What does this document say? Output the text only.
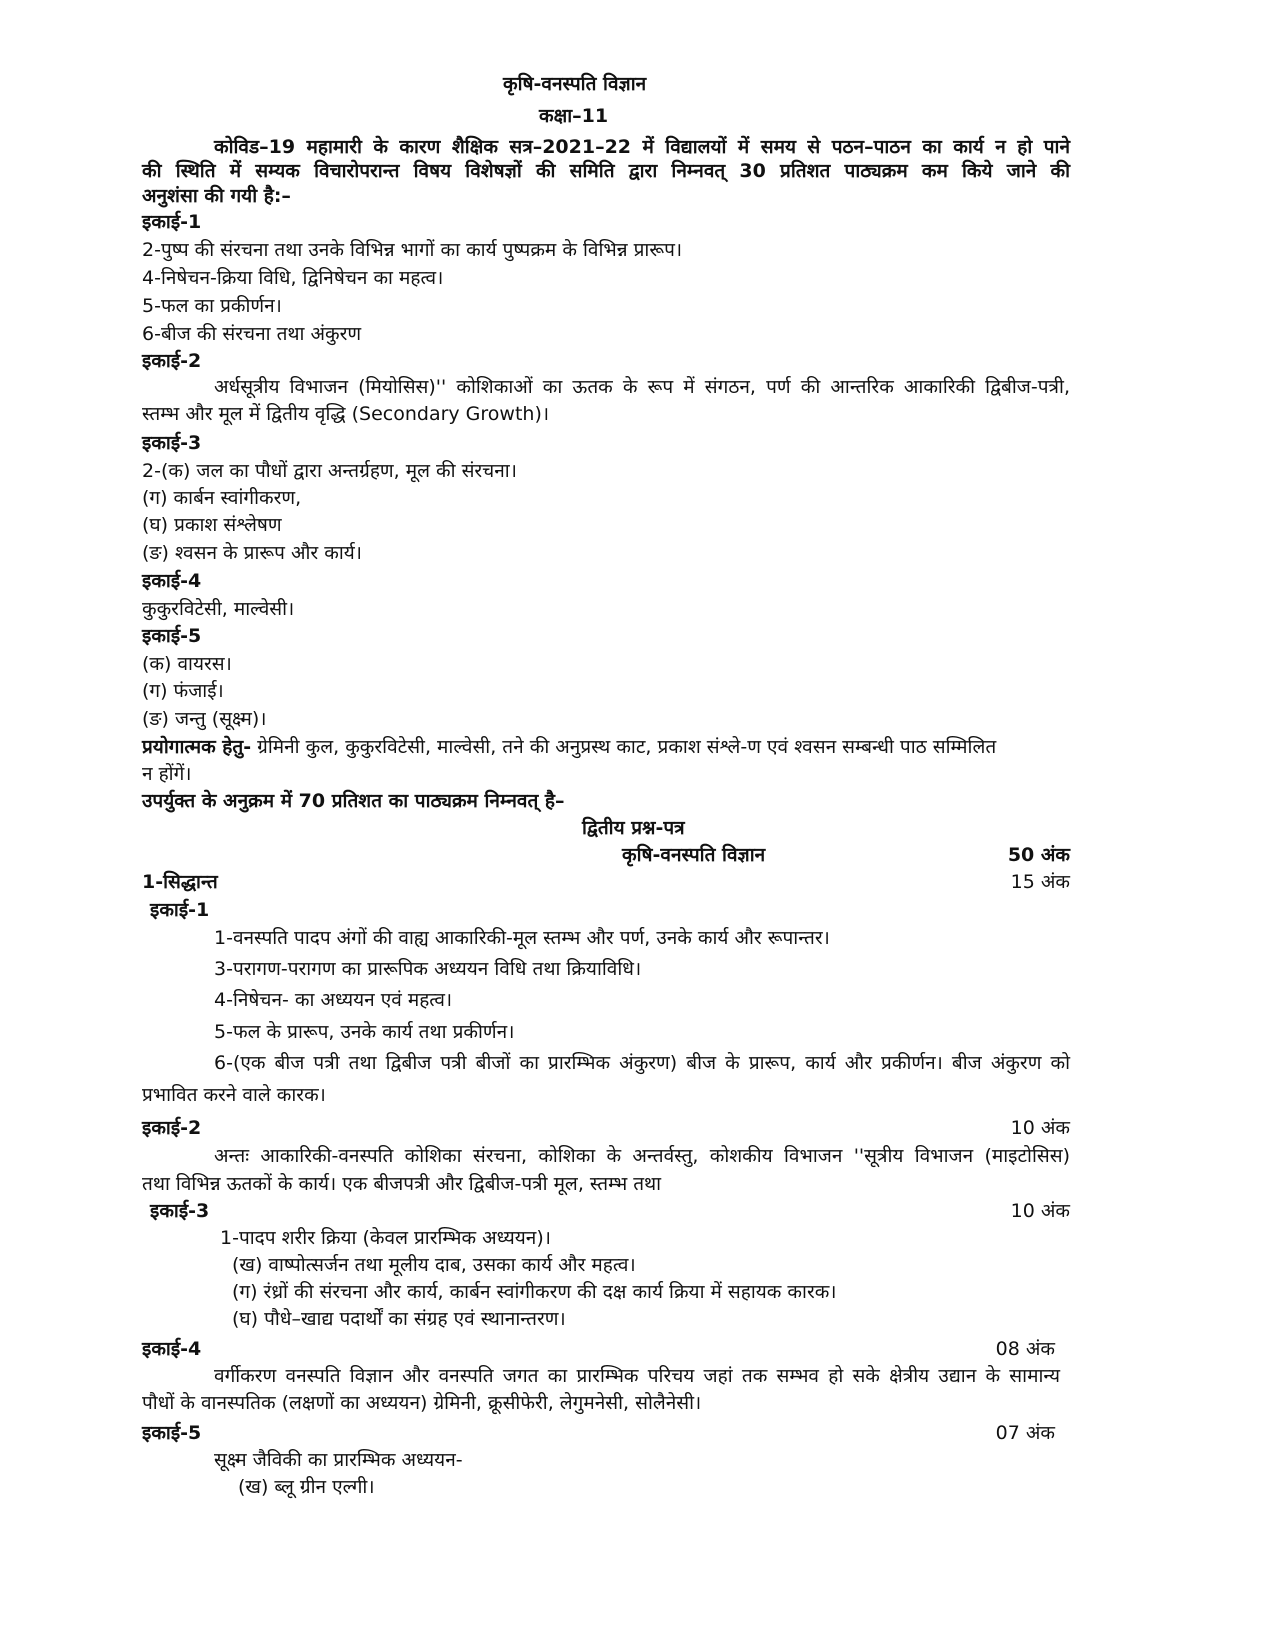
कृषि-वनस्पति विज्ञान
कक्षा–11
कोविड–19 महामारी के कारण शैक्षिक सत्र–2021–22 में विद्यालयों में समय से पठन–पाठन का कार्य न हो पाने
की स्थिति में सम्यक विचारोपरान्त विषय विशेषज्ञों की समिति द्वारा निम्नवत् 30 प्रतिशत पाठ्यक्रम कम किये जाने की
अनुशंसा की गयी है:–
इकाई-1
2-पुष्प की संरचना तथा उनके विभिन्न भागों का कार्य पुष्पक्रम के विभिन्न प्रारूप।
4-निषेचन-क्रिया विधि, द्विनिषेचन का महत्व।
5-फल का प्रकीर्णन।
6-बीज की संरचना तथा अंकुरण
इकाई-2
अर्धसूत्रीय विभाजन (मियोसिस)'' कोशिकाओं का ऊतक के रूप में संगठन, पर्ण की आन्तरिक आकारिकी द्विबीज-पत्री,
स्तम्भ और मूल में द्वितीय वृद्धि (Secondary Growth)।
इकाई-3
2-(क) जल का पौधों द्वारा अन्तर्ग्रहण, मूल की संरचना।
(ग) कार्बन स्वांगीकरण,
(घ) प्रकाश संश्लेषण
(ङ) श्वसन के प्रारूप और कार्य।
इकाई-4
कुकुरविटेसी, माल्वेसी।
इकाई-5
(क) वायरस।
(ग) फंजाई।
(ङ) जन्तु (सूक्ष्म)।
प्रयोगात्मक हेतु- ग्रेमिनी कुल, कुकुरविटेसी, माल्वेसी, तने की अनुप्रस्थ काट, प्रकाश संश्ले-ण एवं श्वसन सम्बन्धी पाठ सम्मिलित
न होंगें।
उपर्युक्त के अनुक्रम में 70 प्रतिशत का पाठ्यक्रम निम्नवत् है–
द्वितीय प्रश्न-पत्र
कृषि-वनस्पति विज्ञान	50 अंक
1-सिद्धान्त	15 अंक
इकाई-1
1-वनस्पति पादप अंगों की वाह्य आकारिकी-मूल स्तम्भ और पर्ण, उनके कार्य और रूपान्तर।
3-परागण-परागण का प्रारूपिक अध्ययन विधि तथा क्रियाविधि।
4-निषेचन- का अध्ययन एवं महत्व।
5-फल के प्रारूप, उनके कार्य तथा प्रकीर्णन।
6-(एक बीज पत्री तथा द्विबीज पत्री बीजों का प्रारम्भिक अंकुरण) बीज के प्रारूप, कार्य और प्रकीर्णन। बीज अंकुरण को
प्रभावित करने वाले कारक।
इकाई-2	10 अंक
अन्तः आकारिकी-वनस्पति कोशिका संरचना, कोशिका के अन्तर्वस्तु, कोशकीय विभाजन ''सूत्रीय विभाजन (माइटोसिस)
तथा विभिन्न ऊतकों के कार्य। एक बीजपत्री और द्विबीज-पत्री मूल, स्तम्भ तथा
इकाई-3	10 अंक
1-पादप शरीर क्रिया (केवल प्रारम्भिक अध्ययन)।
(ख) वाष्पोत्सर्जन तथा मूलीय दाब, उसका कार्य और महत्व।
(ग) रंध्रों की संरचना और कार्य, कार्बन स्वांगीकरण की दक्ष कार्य क्रिया में सहायक कारक।
(घ) पौधे–खाद्य पदार्थों का संग्रह एवं स्थानान्तरण।
इकाई-4	08 अंक
वर्गीकरण वनस्पति विज्ञान और वनस्पति जगत का प्रारम्भिक परिचय जहां तक सम्भव हो सके क्षेत्रीय उद्यान के सामान्य
पौधों के वानस्पतिक (लक्षणों का अध्ययन) ग्रेमिनी, क्रूसीफेरी, लेगुमनेसी, सोलैनेसी।
इकाई-5	07 अंक
सूक्ष्म जैविकी का प्रारम्भिक अध्ययन-
(ख) ब्लू ग्रीन एल्गी।
